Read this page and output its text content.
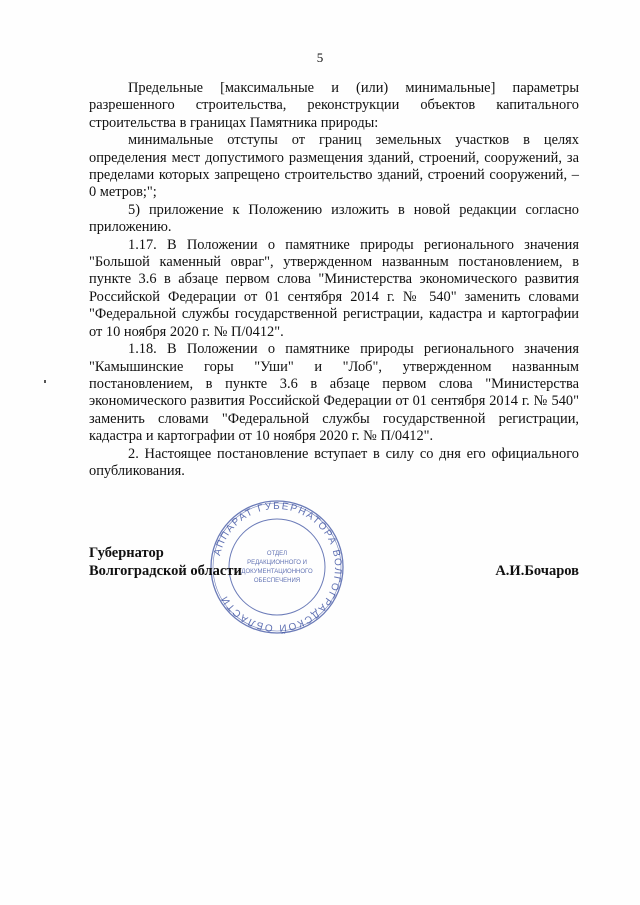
5

Предельные [максимальные и (или) минимальные] параметры разрешенного строительства, реконструкции объектов капитального строительства в границах Памятника природы:

минимальные отступы от границ земельных участков в целях определения мест допустимого размещения зданий, строений, сооружений, за пределами которых запрещено строительство зданий, строений сооружений, – 0 метров;";

5) приложение к Положению изложить в новой редакции согласно приложению.

1.17. В Положении о памятнике природы регионального значения "Большой каменный овраг", утвержденном названным постановлением, в пункте 3.6 в абзаце первом слова "Министерства экономического развития Российской Федерации от 01 сентября 2014 г. № 540" заменить словами "Федеральной службы государственной регистрации, кадастра и картографии от 10 ноября 2020 г. № П/0412".

1.18. В Положении о памятнике природы регионального значения "Камышинские горы "Уши" и "Лоб", утвержденном названным постановлением, в пункте 3.6 в абзаце первом слова "Министерства экономического развития Российской Федерации от 01 сентября 2014 г. № 540" заменить словами "Федеральной службы государственной регистрации, кадастра и картографии от 10 ноября 2020 г. № П/0412".

2. Настоящее постановление вступает в силу со дня его официального опубликования.

АППАРАТ ГУБЕРНАТОРА ВОЛГОГРАДСКОЙ ОБЛАСТИ
ОТДЕЛ
РЕДАКЦИОННОГО И
ДОКУМЕНТАЦИОННОГО
ОБЕСПЕЧЕНИЯ
Губернатор
Волгоградской области	А.И.Бочаров
